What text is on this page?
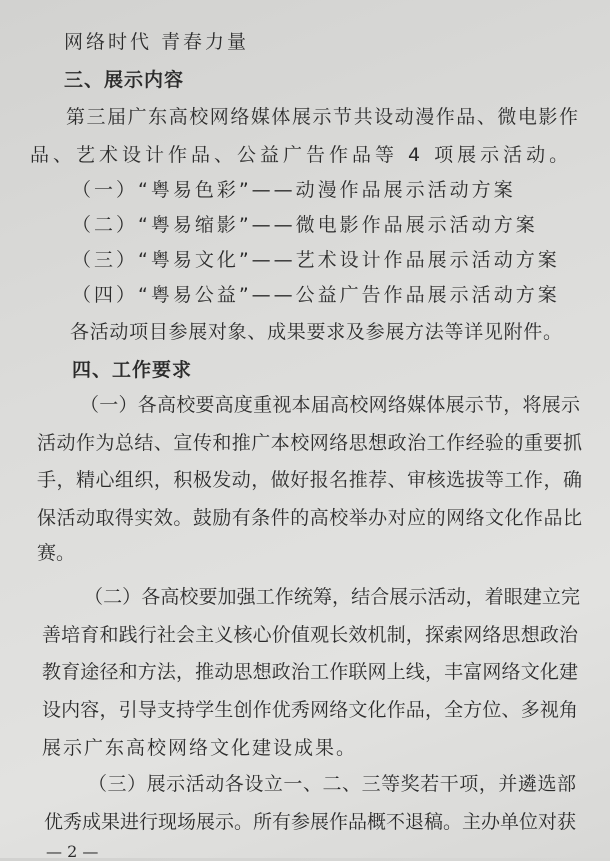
网络时代 青春力量
三、展示内容
第三届广东高校网络媒体展示节共设动漫作品、微电影作
品、艺术设计作品、公益广告作品等 4 项展示活动。
（一）“粤易色彩”——动漫作品展示活动方案
（二）“粤易缩影”——微电影作品展示活动方案
（三）“粤易文化”——艺术设计作品展示活动方案
（四）“粤易公益”——公益广告作品展示活动方案
各活动项目参展对象、成果要求及参展方法等详见附件。
四、工作要求
（一）各高校要高度重视本届高校网络媒体展示节，将展示
活动作为总结、宣传和推广本校网络思想政治工作经验的重要抓
手，精心组织，积极发动，做好报名推荐、审核选拔等工作，确
保活动取得实效。鼓励有条件的高校举办对应的网络文化作品比
赛。
（二）各高校要加强工作统筹，结合展示活动，着眼建立完
善培育和践行社会主义核心价值观长效机制，探索网络思想政治
教育途径和方法，推动思想政治工作联网上线，丰富网络文化建
设内容，引导支持学生创作优秀网络文化作品，全方位、多视角
展示广东高校网络文化建设成果。
（三）展示活动各设立一、二、三等奖若干项，并遴选部
优秀成果进行现场展示。所有参展作品概不退稿。主办单位对获
— 2 —
